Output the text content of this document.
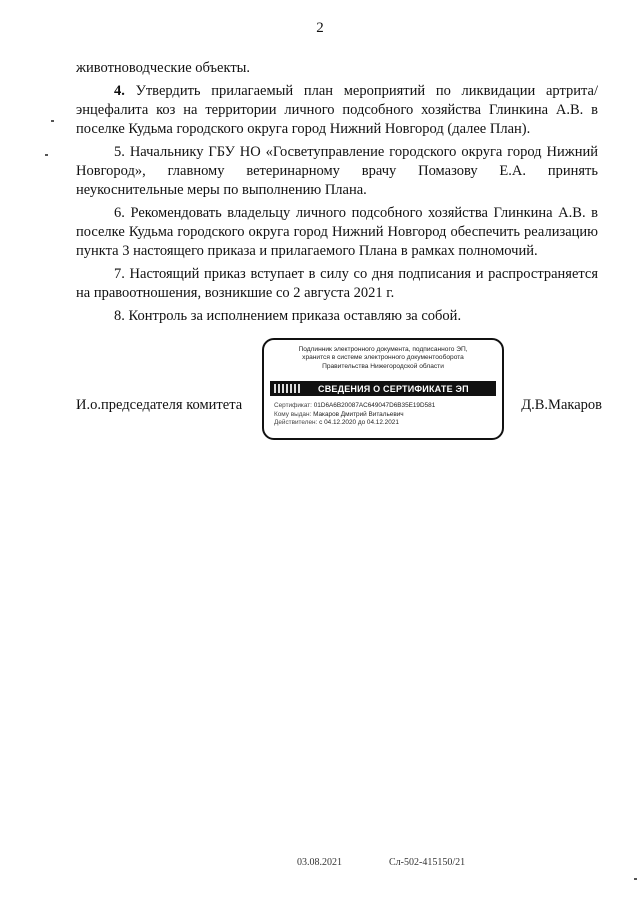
2

животноводческие объекты.

4. Утвердить прилагаемый план мероприятий по ликвидации артрита/энцефалита коз на территории личного подсобного хозяйства Глинкина А.В. в поселке Кудьма городского округа город Нижний Новгород (далее План).

5. Начальнику ГБУ НО «Госветуправление городского округа город Нижний Новгород», главному ветеринарному врачу Помазову Е.А. принять неукоснительные меры по выполнению Плана.

6. Рекомендовать владельцу личного подсобного хозяйства Глинкина А.В. в поселке Кудьма городского округа город Нижний Новгород обеспечить реализацию пункта 3 настоящего приказа и прилагаемого Плана в рамках полномочий.

7. Настоящий приказ вступает в силу со дня подписания и распространяется на правоотношения, возникшие со 2 августа 2021 г.

8. Контроль за исполнением приказа оставляю за собой.

И.о.председателя комитета	Д.В.Макаров
Подлинник электронного документа, подписанного ЭП,
хранится в системе электронного документооборота
Правительства Нижегородской области
СВЕДЕНИЯ О СЕРТИФИКАТЕ ЭП
Сертификат: 01D6A6B20087AC649047D6B35E19D581
Кому выдан: Макаров Дмитрий Витальевич
Действителен: с 04.12.2020 до 04.12.2021
03.08.2021	Сл-502-415150/21
